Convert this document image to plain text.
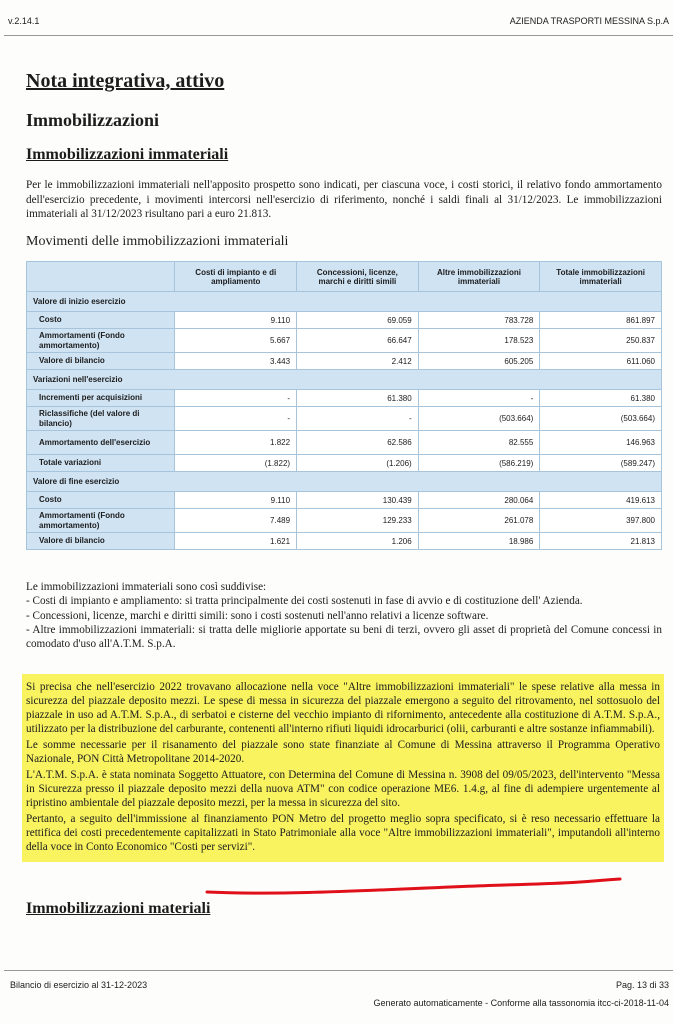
v.2.14.1	AZIENDA TRASPORTI MESSINA S.p.A
Nota integrativa, attivo
Immobilizzazioni
Immobilizzazioni immateriali

Per le immobilizzazioni immateriali nell'apposito prospetto sono indicati, per ciascuna voce, i costi storici, il relativo fondo ammortamento dell'esercizio precedente, i movimenti intercorsi nell'esercizio di riferimento, nonché i saldi finali al 31/12/2023. Le immobilizzazioni immateriali al 31/12/2023 risultano pari a euro 21.813.

Movimenti delle immobilizzazioni immateriali
	Costi di impianto e di ampliamento	Concessioni, licenze, marchi e diritti simili	Altre immobilizzazioni immateriali	Totale immobilizzazioni immateriali
Valore di inizio esercizio				
Costo	9.110	69.059	783.728	861.897
Ammortamenti (Fondo ammortamento)	5.667	66.647	178.523	250.837
Valore di bilancio	3.443	2.412	605.205	611.060
Variazioni nell'esercizio				
Incrementi per acquisizioni	-	61.380	-	61.380
Riclassifiche (del valore di bilancio)	-	-	(503.664)	(503.664)
Ammortamento dell'esercizio	1.822	62.586	82.555	146.963
Totale variazioni	(1.822)	(1.206)	(586.219)	(589.247)
Valore di fine esercizio				
Costo	9.110	130.439	280.064	419.613
Ammortamenti (Fondo ammortamento)	7.489	129.233	261.078	397.800
Valore di bilancio	1.621	1.206	18.986	21.813

Le immobilizzazioni immateriali sono così suddivise:

- Costi di impianto e ampliamento: si tratta principalmente dei costi sostenuti in fase di avvio e di costituzione dell' Azienda.

- Concessioni, licenze, marchi e diritti simili: sono i costi sostenuti nell'anno relativi a licenze software.

- Altre immobilizzazioni immateriali: si tratta delle migliorie apportate su beni di terzi, ovvero gli asset di proprietà del Comune concessi in comodato d'uso all'A.T.M. S.p.A.

Si precisa che nell'esercizio 2022 trovavano allocazione nella voce "Altre immobilizzazioni immateriali" le spese relative alla messa in sicurezza del piazzale deposito mezzi. Le spese di messa in sicurezza del piazzale emergono a seguito del ritrovamento, nel sottosuolo del piazzale in uso ad A.T.M. S.p.A., di serbatoi e cisterne del vecchio impianto di rifornimento, antecedente alla costituzione di A.T.M. S.p.A., utilizzato per la distribuzione del carburante, contenenti all'interno rifiuti liquidi idrocarburici (olii, carburanti e altre sostanze infiammabili).

Le somme necessarie per il risanamento del piazzale sono state finanziate al Comune di Messina attraverso il Programma Operativo Nazionale, PON Città Metropolitane 2014-2020.

L'A.T.M. S.p.A. è stata nominata Soggetto Attuatore, con Determina del Comune di Messina n. 3908 del 09/05/2023, dell'intervento "Messa in Sicurezza presso il piazzale deposito mezzi della nuova ATM" con codice operazione ME6. 1.4.g, al fine di adempiere urgentemente al ripristino ambientale del piazzale deposito mezzi, per la messa in sicurezza del sito.

Pertanto, a seguito dell'immissione al finanziamento PON Metro del progetto meglio sopra specificato, si è reso necessario effettuare la rettifica dei costi precedentemente capitalizzati in Stato Patrimoniale alla voce "Altre immobilizzazioni immateriali", imputandoli all'interno della voce in Conto Economico "Costi per servizi".

Immobilizzazioni materiali
Bilancio di esercizio al 31-12-2023	Pag. 13 di 33
Generato automaticamente - Conforme alla tassonomia itcc-ci-2018-11-04
